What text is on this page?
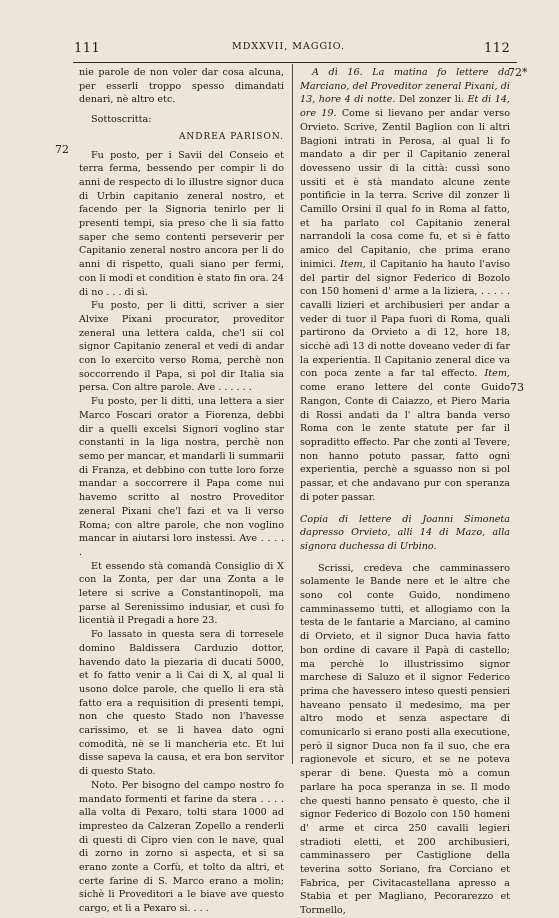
111	MDXXVII, MAGGIO.	112
72
72*
73

nie parole de non voler dar cosa alcuna, per esserli troppo spesso dimandati denari, nè altro etc.

Sottoscritta:

ANDREA PARISON.

Fu posto, per i Savii del Conseio et terra ferma, bessendo per compir li do anni de respecto di lo illustre signor duca di Urbin capitanio zeneral nostro, et facendo per la Signoria tenirlo per li presenti tempi, sia preso che li sia fatto saper che semo contenti perseverir per Capitanio zeneral nostro ancora per li do anni di rispetto, quali siano per fermi, con li modi et condition è stato fin ora. 24 di no . . . di sì.

Fu posto, per li ditti, scriver a sier Alvixe Pixani procurator, proveditor zeneral una lettera calda, che'l sii col signor Capitanio zeneral et vedi di andar con lo exercito verso Roma, perchè non soccorrendo il Papa, si pol dir Italia sia persa. Con altre parole. Ave . . . . . .

Fu posto, per li ditti, una lettera a sier Marco Foscari orator a Fiorenza, debbi dir a quelli excelsi Signori voglino star constanti in la liga nostra, perchè non semo per mancar, et mandarli li summarii di Franza, et debbino con tutte loro forze mandar a soccorrere il Papa come nui havemo scritto al nostro Proveditor zeneral Pixani che'l fazi et va li verso Roma; con altre parole, che non voglino mancar in aiutarsi loro instessi. Ave . . . . .

Et essendo stà comandà Consiglio di X con la Zonta, per dar una Zonta a le letere si scrive a Constantinopoli, ma parse al Serenissimo indusiar, et cusì fo licentià il Pregadi a hore 23.

Fo lassato in questa sera di torresele domino Baldissera Carduzio dottor, havendo dato la piezaria di ducati 5000, et fo fatto venir a li Cai di X, al qual li usono dolce parole, che quello li era stà fatto era a requisition di presenti tempi, non che questo Stado non l'havesse carissimo, et se li havea dato ogni comodità, nè se li mancheria etc. Et lui disse sapeva la causa, et era bon servitor di questo Stato.

Noto. Per bisogno del campo nostro fo mandato formenti et farine da stera . . . . alla volta di Pexaro, tolti stara 1000 ad impresteo da Calzeran Zopello a renderli di questi di Cipro vien con le nave, qual di zorno in zorno si aspecta, et si sa erano zonte a Corfù, et tolto da altri, et certe farine di S. Marco erano a molin; sichè li Proveditori a le biave ave questo cargo, et li a Pexaro si. . . .

A dì 16. La matina fo lettere da Marciano, del Proveditor zeneral Pixani, di 13, hore 4 di notte. Del zonzer li. Et di 14, ore 19. Come si lievano per andar verso Orvieto. Scrive, Zentil Baglion con li altri Bagioni intrati in Perosa, al qual li fo mandato a dir per il Capitanio zeneral dovesseno ussir di la città: cussì sono ussiti et è stà mandato alcune zente pontificie in la terra. Scrive dil zonzer lì Camillo Orsini il qual fo in Roma al fatto, et ha parlato col Capitanio zeneral narrandoli la cosa come fu, et si è fatto amico del Capitanio, che prima erano inimici. Item, il Capitanio ha hauto l'aviso del partir del signor Federico di Bozolo con 150 homeni d' arme a la liziera, . . . . . cavalli lizieri et archibusieri per andar a veder di tuor il Papa fuori di Roma, quali partirono da Orvieto a di 12, hore 18, sicchè adì 13 di notte doveano veder di far la experientia. Il Capitanio zeneral dice va con poca zente a far tal effecto. Item, come erano lettere del conte Guido Rangon, Conte di Caiazzo, et Piero Maria di Rossi andati da l' altra banda verso Roma con le zente statute per far il sopraditto effecto. Par che zonti al Tevere, non hanno potuto passar, fatto ogni experientia, perchè a sguasso non si pol passar, et che andavano pur con speranza di poter passar.

Copia di lettere di Joanni Simoneta dapresso Orvieto, alli 14 di Mazo, alla signora duchessa di Urbino.

Scrissi, credeva che camminassero solamente le Bande nere et le altre che sono col conte Guido, nondimeno camminassemo tutti, et allogiamo con la testa de le fantarie a Marciano, al camino di Orvieto, et il signor Duca havia fatto bon ordine di cavare il Papà di castello; ma perchè lo illustrissimo signor marchese di Saluzo et il signor Federico prima che havessero inteso questi pensieri haveano pensato il medesimo, ma per altro modo et senza aspectare di comunicarlo si erano posti alla executione, però il signor Duca non fa il suo, che era ragionevole et sicuro, et se ne poteva sperar di bene. Questa mò a comun parlare ha poca speranza in se. Il modo che questi hanno pensato è questo, che il signor Federico di Bozolo con 150 homeni d' arme et circa 250 cavalli legieri stradioti eletti, et 200 archibusieri, camminassero per Castiglione della teverina sotto Soriano, fra Corciano et Fabrica, per Civitacastellana apresso a Stabia et per Magliano, Pecorarezzo et Tormello,
